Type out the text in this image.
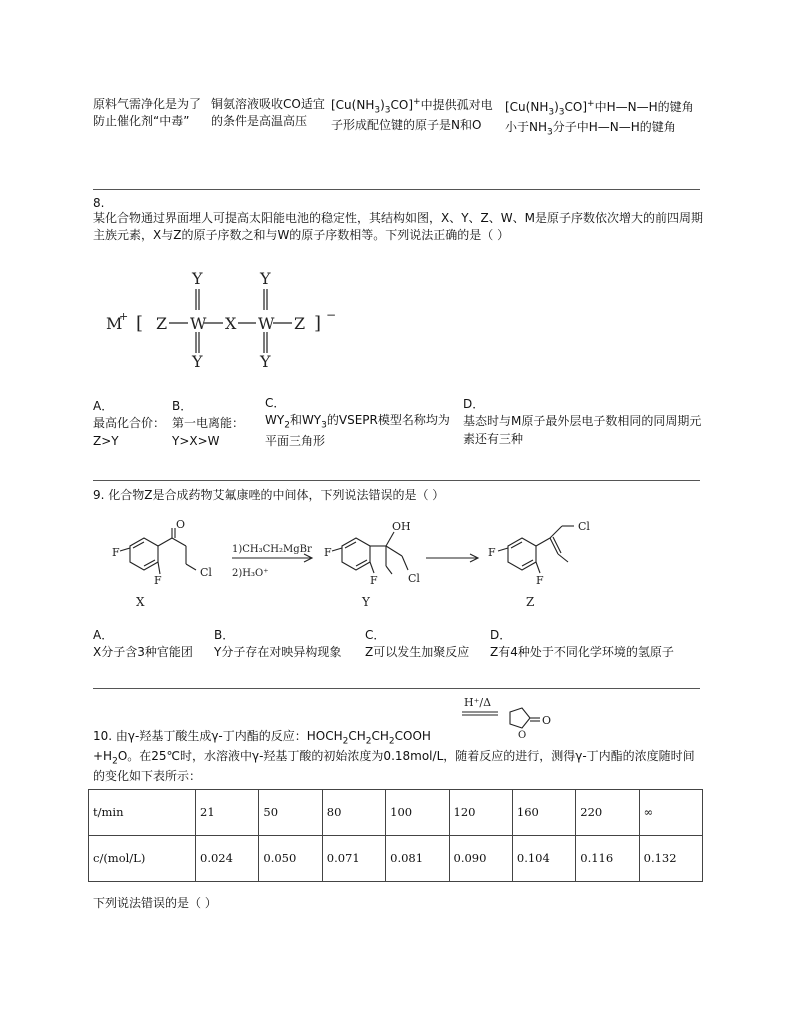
原料气需净化是为了防止催化剂“中毒”
铜氨溶液吸收CO适宜的条件是高温高压
$[Cu(NH_3)_3CO]^+$中提供孤对电子形成配位键的原子是N和O
$[Cu(NH_3)_3CO]^+$中H—N—H的键角小于$NH_3$分子中H—N—H的键角
8.
某化合物通过界面埋人可提高太阳能电池的稳定性，其结构如图，X、Y、Z、W、M是原子序数依次增大的前四周期主族元素，X与Z的原子序数之和与W的原子序数相等。下列说法正确的是（ ）
M
+ [ Z W X W Z ] −
Y	Y
Y	Y
A．
最高化合价：Z>Y
B．
第一电离能：Y>X>W
C．
$WY_2$和$WY_3$的VSEPR模型名称均为平面三角形
D．
基态时与M原子最外层电子数相同的同周期元素还有三种
9. 化合物Z是合成药物艾氟康唑的中间体，下列说法错误的是（ ）
F
F
O
Cl
X
1)CH₃CH₂MgBr
2)H₃O⁺
F
F
OH
Cl
Y
F
F
Cl
Z
A．
X分子含3种官能团
B．
Y分子存在对映异构现象
C．
Z可以发生加聚反应
D．
Z有4种处于不同化学环境的氢原子
H⁺/Δ
O
O
10. 由γ-羟基丁酸生成γ-丁内酯的反应：$HOCH_2CH_2CH_2COOH$
$+H_2O$。在25℃时，水溶液中γ-羟基丁酸的初始浓度为0.18mol/L，随着反应的进行，测得γ-丁内酯的浓度随时间的变化如下表所示：
t/min	21	50	80	100	120	160	220	∞
c/(mol/L)	0.024	0.050	0.071	0.081	0.090	0.104	0.116	0.132
下列说法错误的是（ ）
